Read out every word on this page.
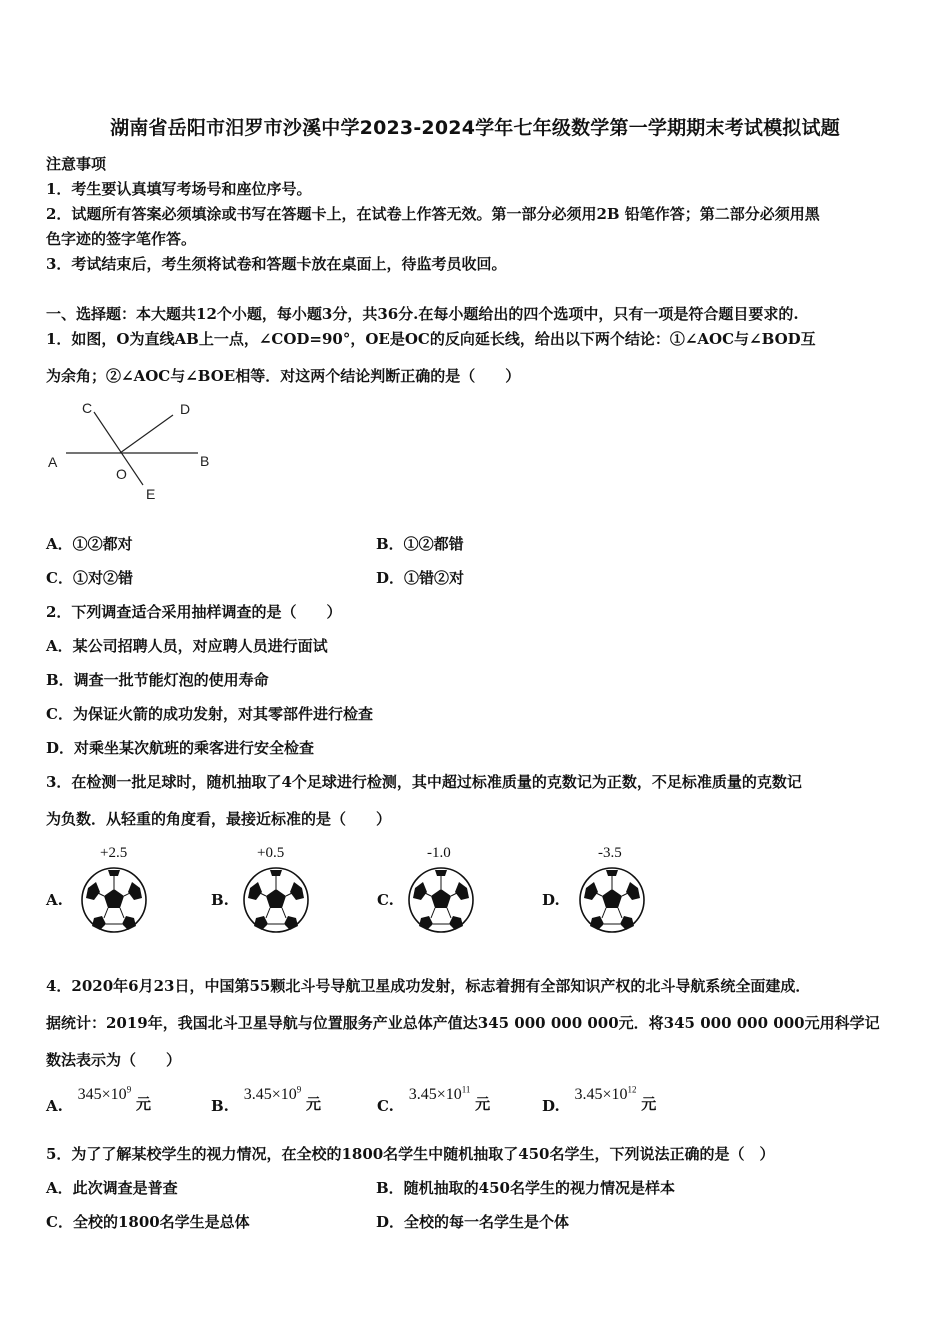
湖南省岳阳市汨罗市沙溪中学2023-2024学年七年级数学第一学期期末考试模拟试题
注意事项
1．考生要认真填写考场号和座位序号。
2．试题所有答案必须填涂或书写在答题卡上，在试卷上作答无效。第一部分必须用2B 铅笔作答；第二部分必须用黑
色字迹的签字笔作答。
3．考试结束后，考生须将试卷和答题卡放在桌面上，待监考员收回。
一、选择题：本大题共12个小题，每小题3分，共36分.在每小题给出的四个选项中，只有一项是符合题目要求的.
1．如图，O为直线AB上一点，∠COD=90°，OE是OC的反向延长线，给出以下两个结论：①∠AOC与∠BOD互
为余角；②∠AOC与∠BOE相等．对这两个结论判断正确的是（　　）
A	B
C	D
O
E
A．①②都对	B．①②都错
C．①对②错	D．①错②对
2．下列调查适合采用抽样调查的是（　　）
A．某公司招聘人员，对应聘人员进行面试
B．调查一批节能灯泡的使用寿命
C．为保证火箭的成功发射，对其零部件进行检查
D．对乘坐某次航班的乘客进行安全检查
3．在检测一批足球时，随机抽取了4个足球进行检测，其中超过标准质量的克数记为正数，不足标准质量的克数记
为负数．从轻重的角度看，最接近标准的是（　　）
A.
+2.5
B.
+0.5
C.
-1.0
D.
-3.5
4．2020年6月23日，中国第55颗北斗号导航卫星成功发射，标志着拥有全部知识产权的北斗导航系统全面建成．
据统计：2019年，我国北斗卫星导航与位置服务产业总体产值达345 000 000 000元．将345 000 000 000元用科学记
数法表示为（　　）
A. $345\times 10^9$ 元	B. $3.45\times 10^9$ 元	C. $3.45\times 10^{11}$ 元	D. $3.45\times 10^{12}$ 元
5．为了了解某校学生的视力情况，在全校的1800名学生中随机抽取了450名学生，下列说法正确的是（　）
A．此次调查是普查	B．随机抽取的450名学生的视力情况是样本
C．全校的1800名学生是总体	D．全校的每一名学生是个体
